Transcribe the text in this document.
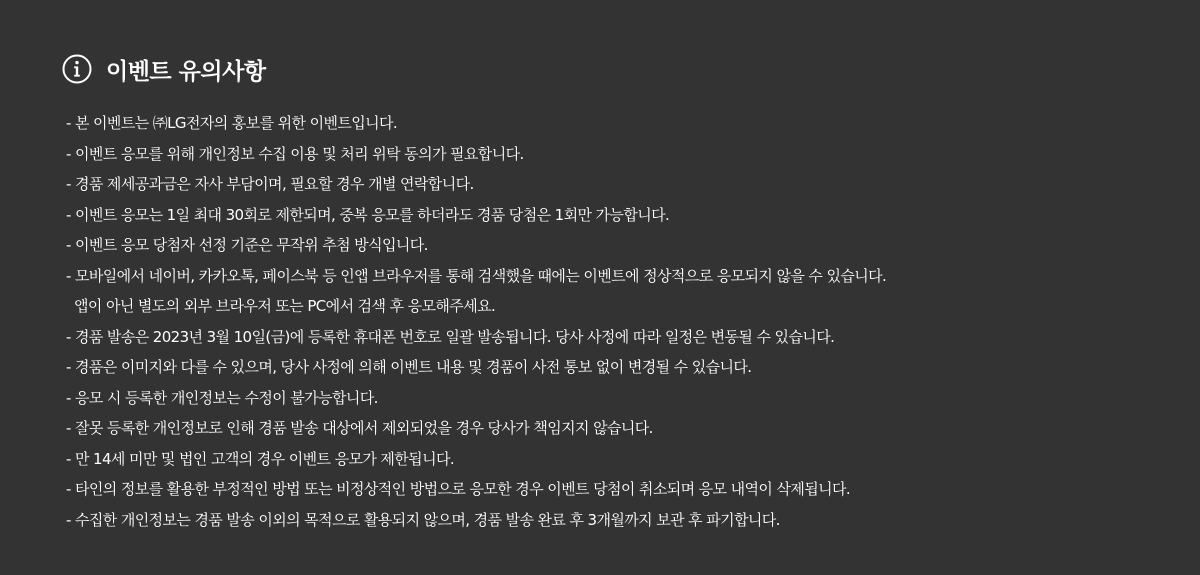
이벤트 유의사항
- 본 이벤트는 ㈜LG전자의 홍보를 위한 이벤트입니다.
- 이벤트 응모를 위해 개인정보 수집 이용 및 처리 위탁 동의가 필요합니다.
- 경품 제세공과금은 자사 부담이며, 필요할 경우 개별 연락합니다.
- 이벤트 응모는 1일 최대 30회로 제한되며, 중복 응모를 하더라도 경품 당첨은 1회만 가능합니다.
- 이벤트 응모 당첨자 선정 기준은 무작위 추첨 방식입니다.
- 모바일에서 네이버, 카카오톡, 페이스북 등 인앱 브라우저를 통해 검색했을 때에는 이벤트에 정상적으로 응모되지 않을 수 있습니다.
앱이 아닌 별도의 외부 브라우저 또는 PC에서 검색 후 응모해주세요.
- 경품 발송은 2023년 3월 10일(금)에 등록한 휴대폰 번호로 일괄 발송됩니다. 당사 사정에 따라 일정은 변동될 수 있습니다.
- 경품은 이미지와 다를 수 있으며, 당사 사정에 의해 이벤트 내용 및 경품이 사전 통보 없이 변경될 수 있습니다.
- 응모 시 등록한 개인정보는 수정이 불가능합니다.
- 잘못 등록한 개인정보로 인해 경품 발송 대상에서 제외되었을 경우 당사가 책임지지 않습니다.
- 만 14세 미만 및 법인 고객의 경우 이벤트 응모가 제한됩니다.
- 타인의 정보를 활용한 부정적인 방법 또는 비정상적인 방법으로 응모한 경우 이벤트 당첨이 취소되며 응모 내역이 삭제됩니다.
- 수집한 개인정보는 경품 발송 이외의 목적으로 활용되지 않으며, 경품 발송 완료 후 3개월까지 보관 후 파기합니다.
